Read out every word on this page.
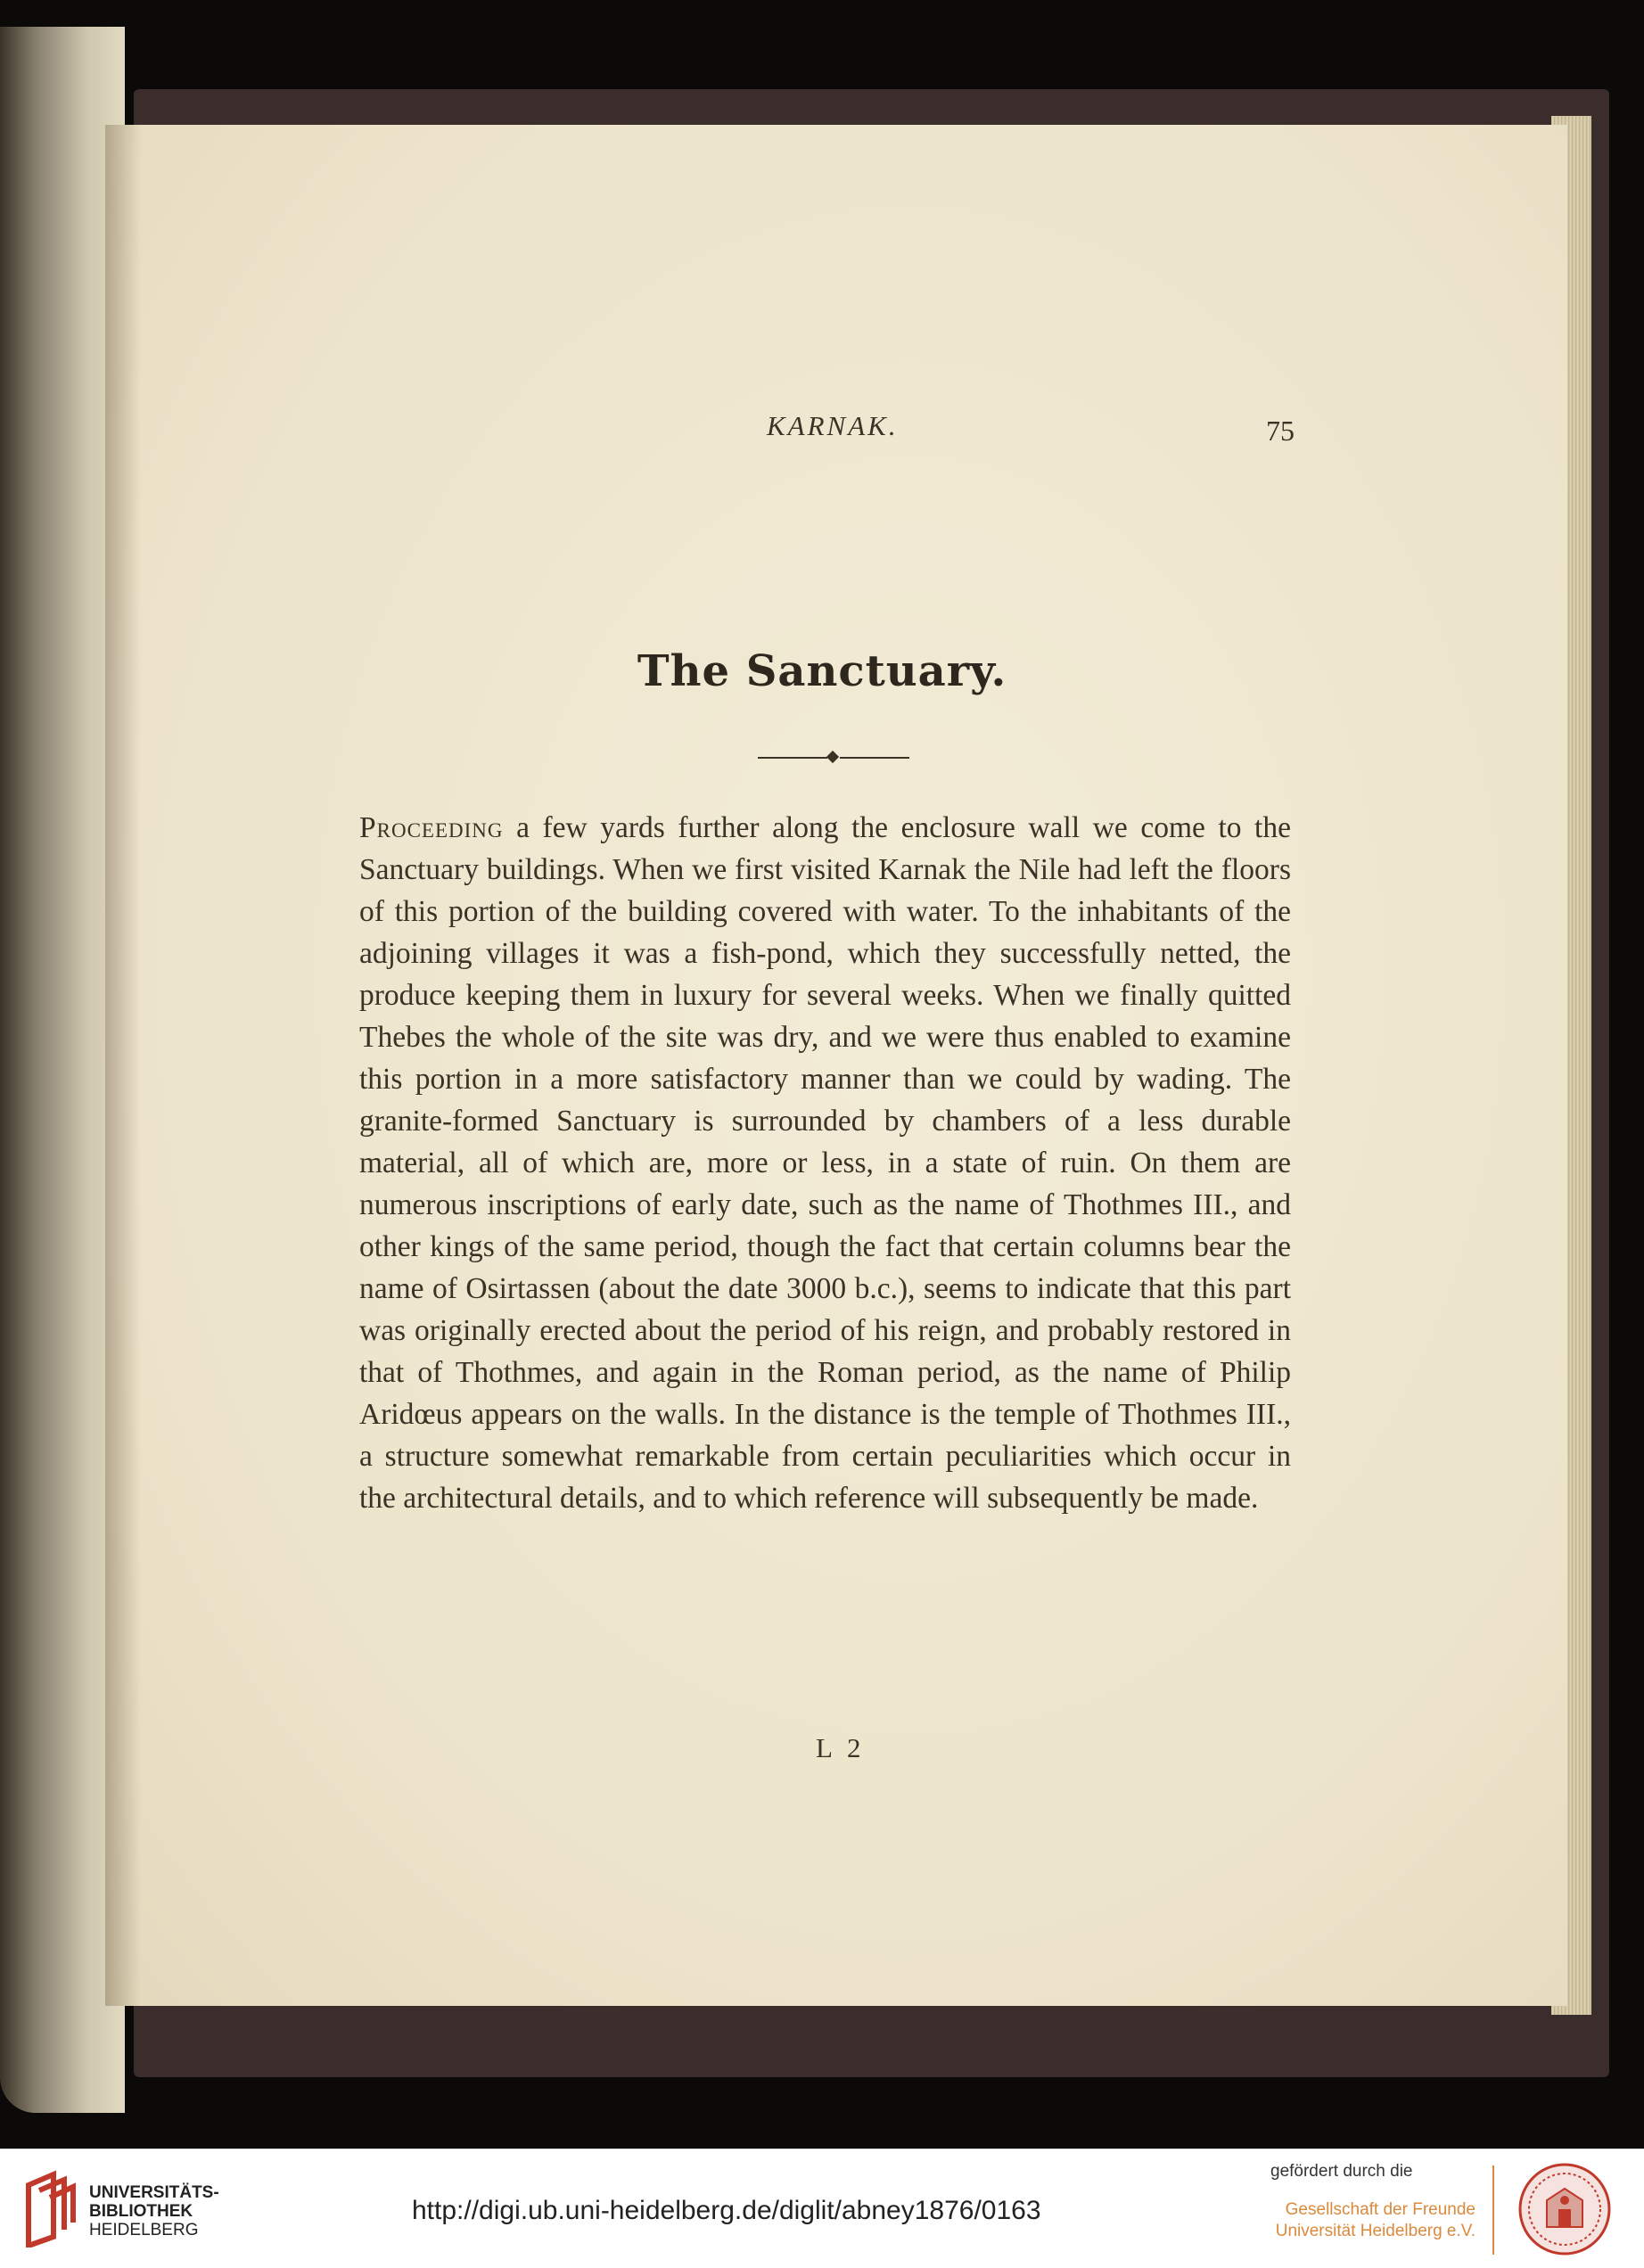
KARNAK.	75
The Sanctuary.

Proceeding a few yards further along the enclosure wall we come to the Sanctuary buildings. When we first visited Karnak the Nile had left the floors of this portion of the building covered with water. To the inhabitants of the adjoining villages it was a fish-pond, which they successfully netted, the produce keeping them in luxury for several weeks. When we finally quitted Thebes the whole of the site was dry, and we were thus enabled to examine this portion in a more satisfactory manner than we could by wading. The granite-formed Sanctuary is surrounded by chambers of a less durable material, all of which are, more or less, in a state of ruin. On them are numerous inscriptions of early date, such as the name of Thothmes III., and other kings of the same period, though the fact that certain columns bear the name of Osirtassen (about the date 3000 b.c.), seems to indicate that this part was originally erected about the period of his reign, and probably restored in that of Thothmes, and again in the Roman period, as the name of Philip Aridœus appears on the walls. In the distance is the temple of Thothmes III., a structure somewhat remarkable from certain peculiarities which occur in the architectural details, and to which reference will subsequently be made.

L 2
UNIVERSITÄTS-
BIBLIOTHEK
HEIDELBERG
http://digi.ub.uni-heidelberg.de/diglit/abney1876/0163
gefördert durch die
Gesellschaft der Freunde
Universität Heidelberg e.V.
